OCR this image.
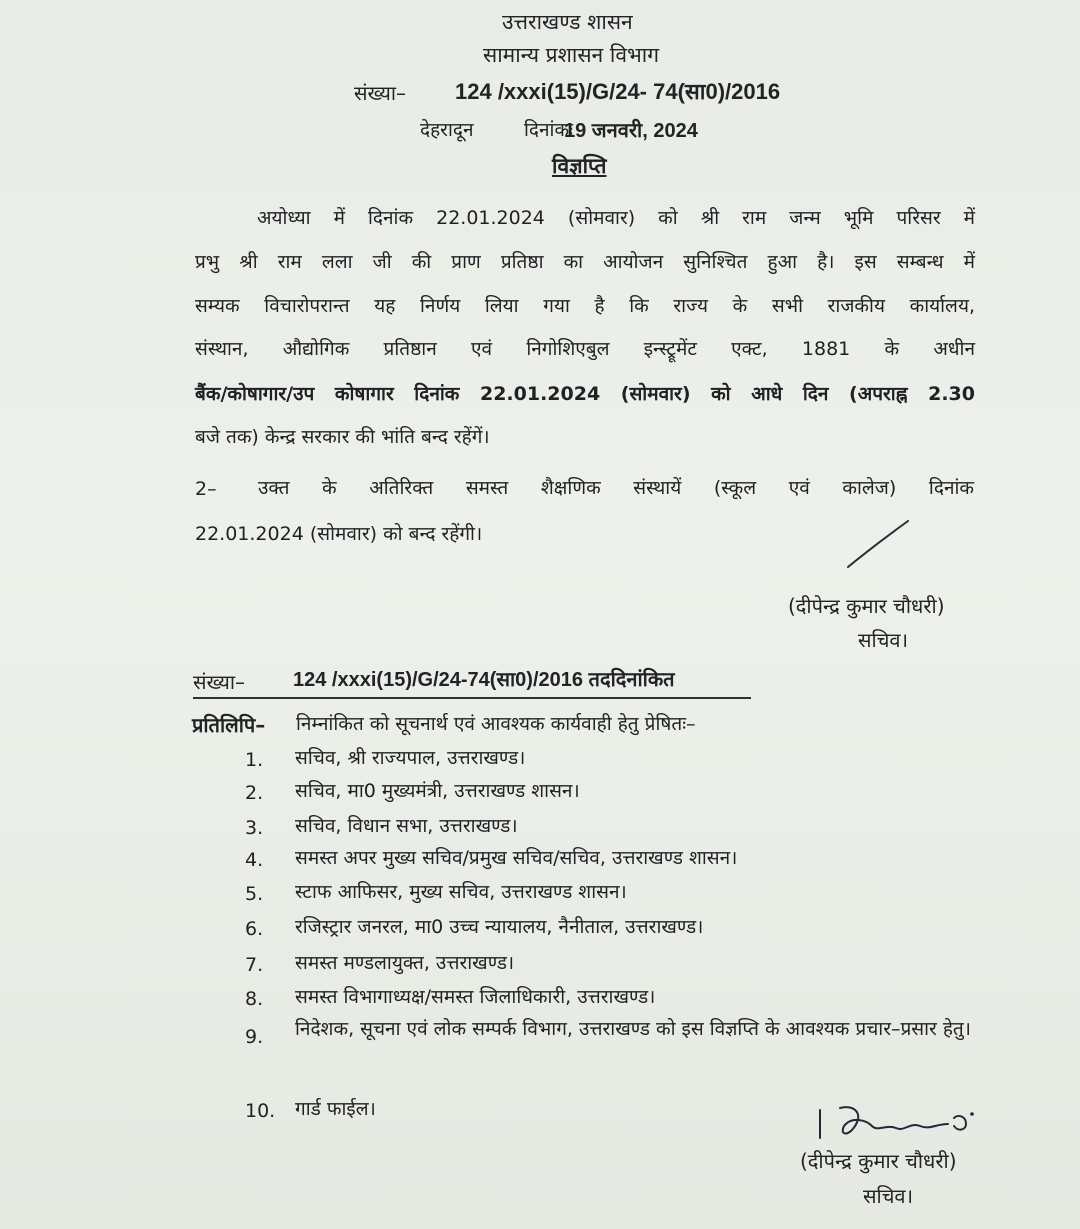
उत्तराखण्ड शासन
सामान्य प्रशासन विभाग
संख्या– 124 /xxxi(15)/G/24- 74(सा0)/2016
देहरादून	दिनांकः
19 जनवरी, 2024
विज्ञप्ति
अयोध्या में दिनांक 22.01.2024 (सोमवार) को श्री राम जन्म भूमि परिसर में
प्रभु श्री राम लला जी की प्राण प्रतिष्ठा का आयोजन सुनिश्चित हुआ है। इस सम्बन्ध में
सम्यक विचारोपरान्त यह निर्णय लिया गया है कि राज्य के सभी राजकीय कार्यालय,
संस्थान, औद्योगिक प्रतिष्ठान एवं निगोशिएबुल इन्स्ट्रूमेंट एक्ट, 1881 के अधीन
बैंक/कोषागार/उप कोषागार दिनांक 22.01.2024 (सोमवार) को आधे दिन (अपराह्न 2.30
बजे तक) केन्द्र सरकार की भांति बन्द रहेंगें।
2– उक्त के अतिरिक्त समस्त शैक्षणिक संस्थायें (स्कूल एवं कालेज) दिनांक
22.01.2024 (सोमवार) को बन्द रहेंगी।
(दीपेन्द्र कुमार चौधरी)
सचिव।
संख्या– 124 /xxxi(15)/G/24-74(सा0)/2016 तददिनांकित
प्रतिलिपि– निम्नांकित को सूचनार्थ एवं आवश्यक कार्यवाही हेतु प्रेषितः–
1.	सचिव, श्री राज्यपाल, उत्तराखण्ड।
2.	सचिव, मा0 मुख्यमंत्री, उत्तराखण्ड शासन।
3.	सचिव, विधान सभा, उत्तराखण्ड।
4.	समस्त अपर मुख्य सचिव/प्रमुख सचिव/सचिव, उत्तराखण्ड शासन।
5.	स्टाफ आफिसर, मुख्य सचिव, उत्तराखण्ड शासन।
6.	रजिस्ट्रार जनरल, मा0 उच्च न्यायालय, नैनीताल, उत्तराखण्ड।
7.	समस्त मण्डलायुक्त, उत्तराखण्ड।
8.	समस्त विभागाध्यक्ष/समस्त जिलाधिकारी, उत्तराखण्ड।
9.	निदेशक, सूचना एवं लोक सम्पर्क विभाग, उत्तराखण्ड को इस विज्ञप्ति के आवश्यक प्रचार–प्रसार हेतु।
10. गार्ड फाईल।
(दीपेन्द्र कुमार चौधरी)
सचिव।
